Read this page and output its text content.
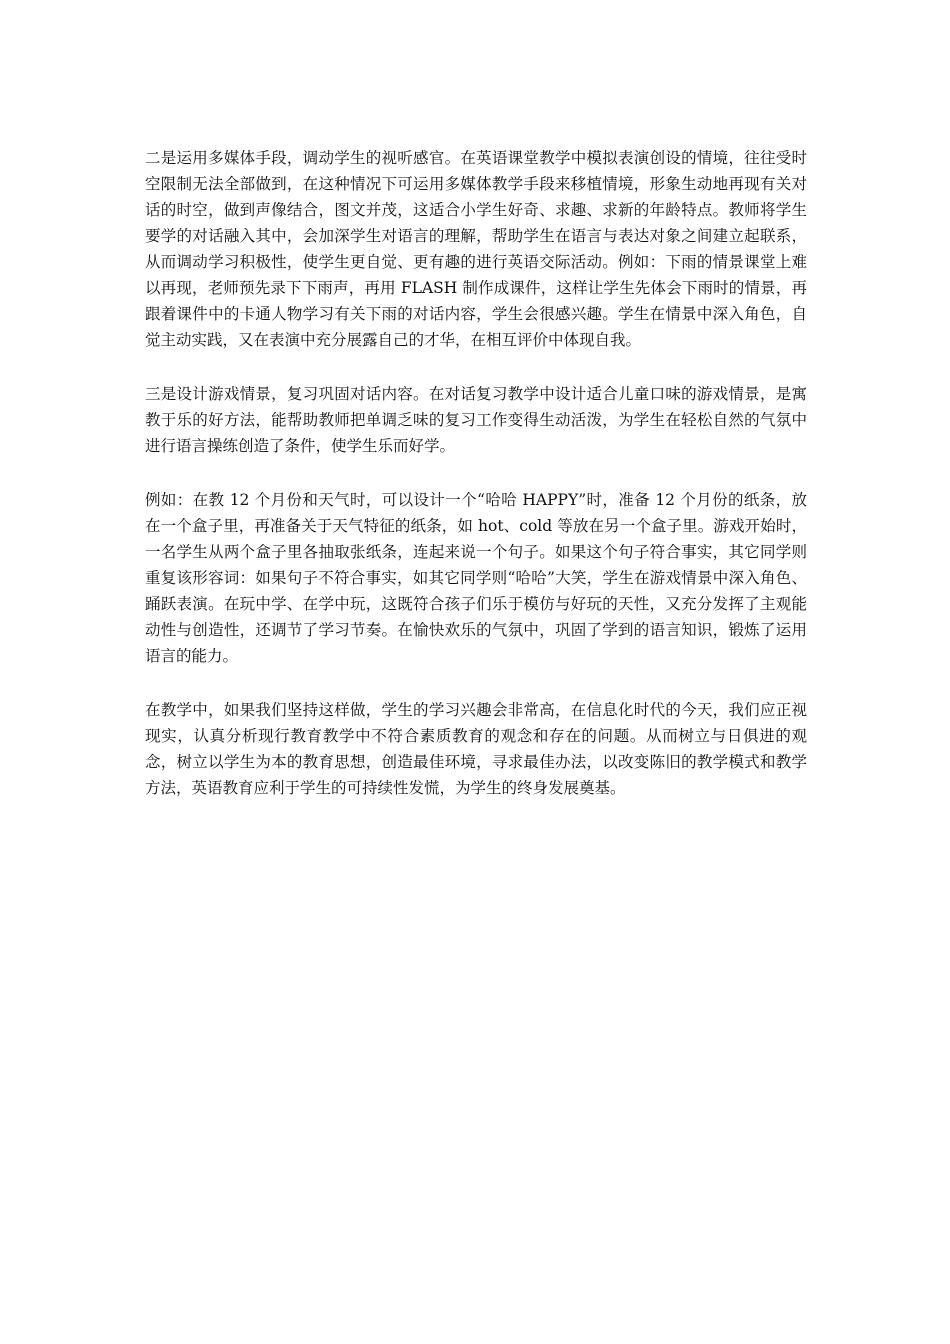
二是运用多媒体手段，调动学生的视听感官。在英语课堂教学中模拟表演创设的情境，往往受时空限制无法全部做到，在这种情况下可运用多媒体教学手段来移植情境，形象生动地再现有关对话的时空，做到声像结合，图文并茂，这适合小学生好奇、求趣、求新的年龄特点。教师将学生要学的对话融入其中，会加深学生对语言的理解，帮助学生在语言与表达对象之间建立起联系，从而调动学习积极性，使学生更自觉、更有趣的进行英语交际活动。例如：下雨的情景课堂上难以再现，老师预先录下下雨声，再用 FLASH 制作成课件，这样让学生先体会下雨时的情景，再跟着课件中的卡通人物学习有关下雨的对话内容，学生会很感兴趣。学生在情景中深入角色，自觉主动实践，又在表演中充分展露自己的才华，在相互评价中体现自我。

三是设计游戏情景，复习巩固对话内容。在对话复习教学中设计适合儿童口味的游戏情景，是寓教于乐的好方法，能帮助教师把单调乏味的复习工作变得生动活泼，为学生在轻松自然的气氛中进行语言操练创造了条件，使学生乐而好学。

例如：在教 12 个月份和天气时，可以设计一个“哈哈 HAPPY”时，准备 12 个月份的纸条，放在一个盒子里，再准备关于天气特征的纸条，如 hot、cold 等放在另一个盒子里。游戏开始时，一名学生从两个盒子里各抽取张纸条，连起来说一个句子。如果这个句子符合事实，其它同学则重复该形容词：如果句子不符合事实，如其它同学则“哈哈”大笑，学生在游戏情景中深入角色、踊跃表演。在玩中学、在学中玩，这既符合孩子们乐于模仿与好玩的天性，又充分发挥了主观能动性与创造性，还调节了学习节奏。在愉快欢乐的气氛中，巩固了学到的语言知识，锻炼了运用语言的能力。

在教学中，如果我们坚持这样做，学生的学习兴趣会非常高，在信息化时代的今天，我们应正视现实，认真分析现行教育教学中不符合素质教育的观念和存在的问题。从而树立与日俱进的观念，树立以学生为本的教育思想，创造最佳环境，寻求最佳办法，以改变陈旧的教学模式和教学方法，英语教育应利于学生的可持续性发慌，为学生的终身发展奠基。
